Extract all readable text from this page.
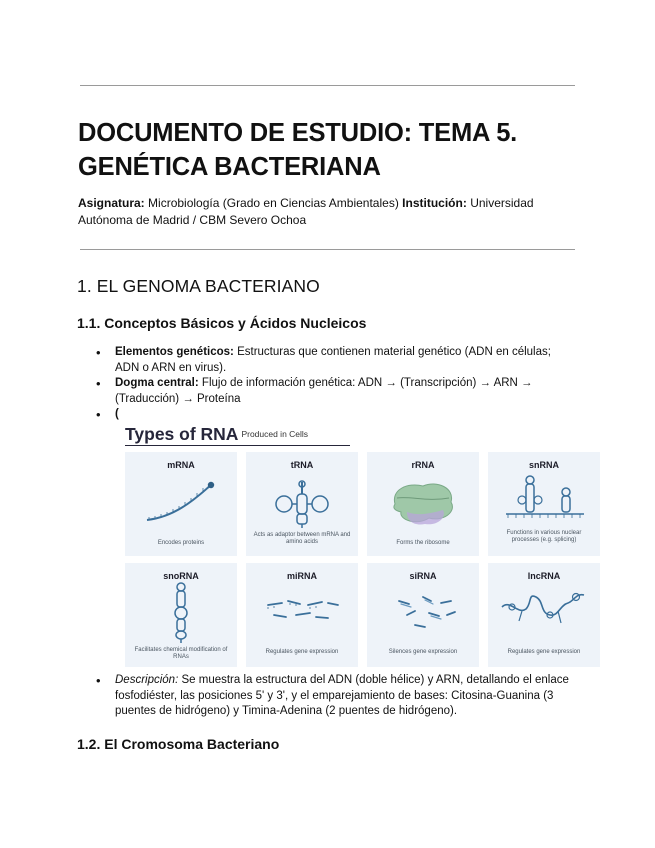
DOCUMENTO DE ESTUDIO: TEMA 5. GENÉTICA BACTERIANA
Asignatura: Microbiología (Grado en Ciencias Ambientales) Institución: Universidad Autónoma de Madrid / CBM Severo Ochoa
1. EL GENOMA BACTERIANO
1.1. Conceptos Básicos y Ácidos Nucleicos
• Elementos genéticos: Estructuras que contienen material genético (ADN en células; ADN o ARN en virus).
• Dogma central: Flujo de información genética: ADN → (Transcripción) → ARN → (Traducción) → Proteína
• (
Types of RNA $^{Produced in Cells}$
mRNA
Encodes proteins
tRNA
Acts as adaptor between mRNA and amino acids
rRNA
Forms the ribosome
snRNA
Functions in various nuclear processes (e.g. splicing)
snoRNA
Facilitates chemical modification of RNAs
miRNA
Regulates gene expression
siRNA
Silences gene expression
lncRNA
Regulates gene expression
• Descripción: Se muestra la estructura del ADN (doble hélice) y ARN, detallando el enlace fosfodiéster, las posiciones 5' y 3', y el emparejamiento de bases: Citosina-Guanina (3 puentes de hidrógeno) y Timina-Adenina (2 puentes de hidrógeno).
1.2. El Cromosoma Bacteriano
